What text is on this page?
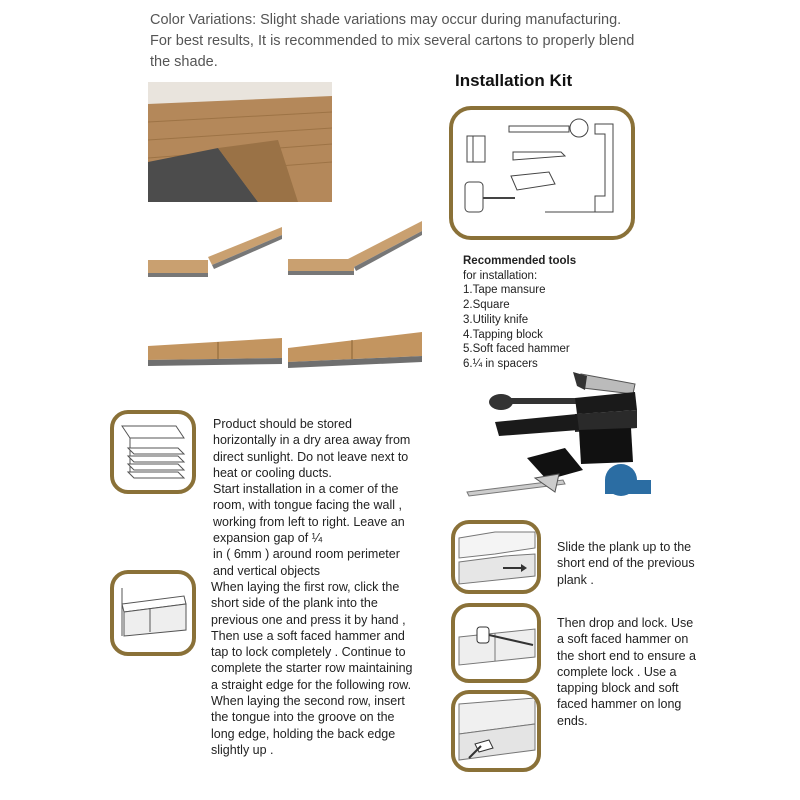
Color Variations: Slight shade variations may occur during manufacturing.
For best results, It is recommended to mix several cartons to properly blend
the shade.
Installation Kit
Recommended tools
for installation:
1.Tape mansure
2.Square
3.Utility knife
4.Tapping block
5.Soft faced hammer
6.¼ in spacers
Product should be stored
horizontally in a dry area away from
direct sunlight. Do not leave next to
heat or cooling ducts.
Start installation in a comer of the
room, with tongue facing the wall ,
working from left to right. Leave an
expansion gap of ¼
in ( 6mm ) around room perimeter
and vertical objects
When laying the first row, click the
short side of the plank into the
previous one and press it by hand ,
Then use a soft faced hammer and
tap to lock completely . Continue to
complete the starter row maintaining
a straight edge for the following row.
When laying the second row, insert
the tongue into the groove on the
long edge, holding the back edge
slightly up .
Slide the plank up to the
short end of the previous
plank .
Then drop and lock. Use
a soft faced hammer on
the short end to ensure a
complete lock . Use a
tapping block and soft
faced hammer on long
ends.
